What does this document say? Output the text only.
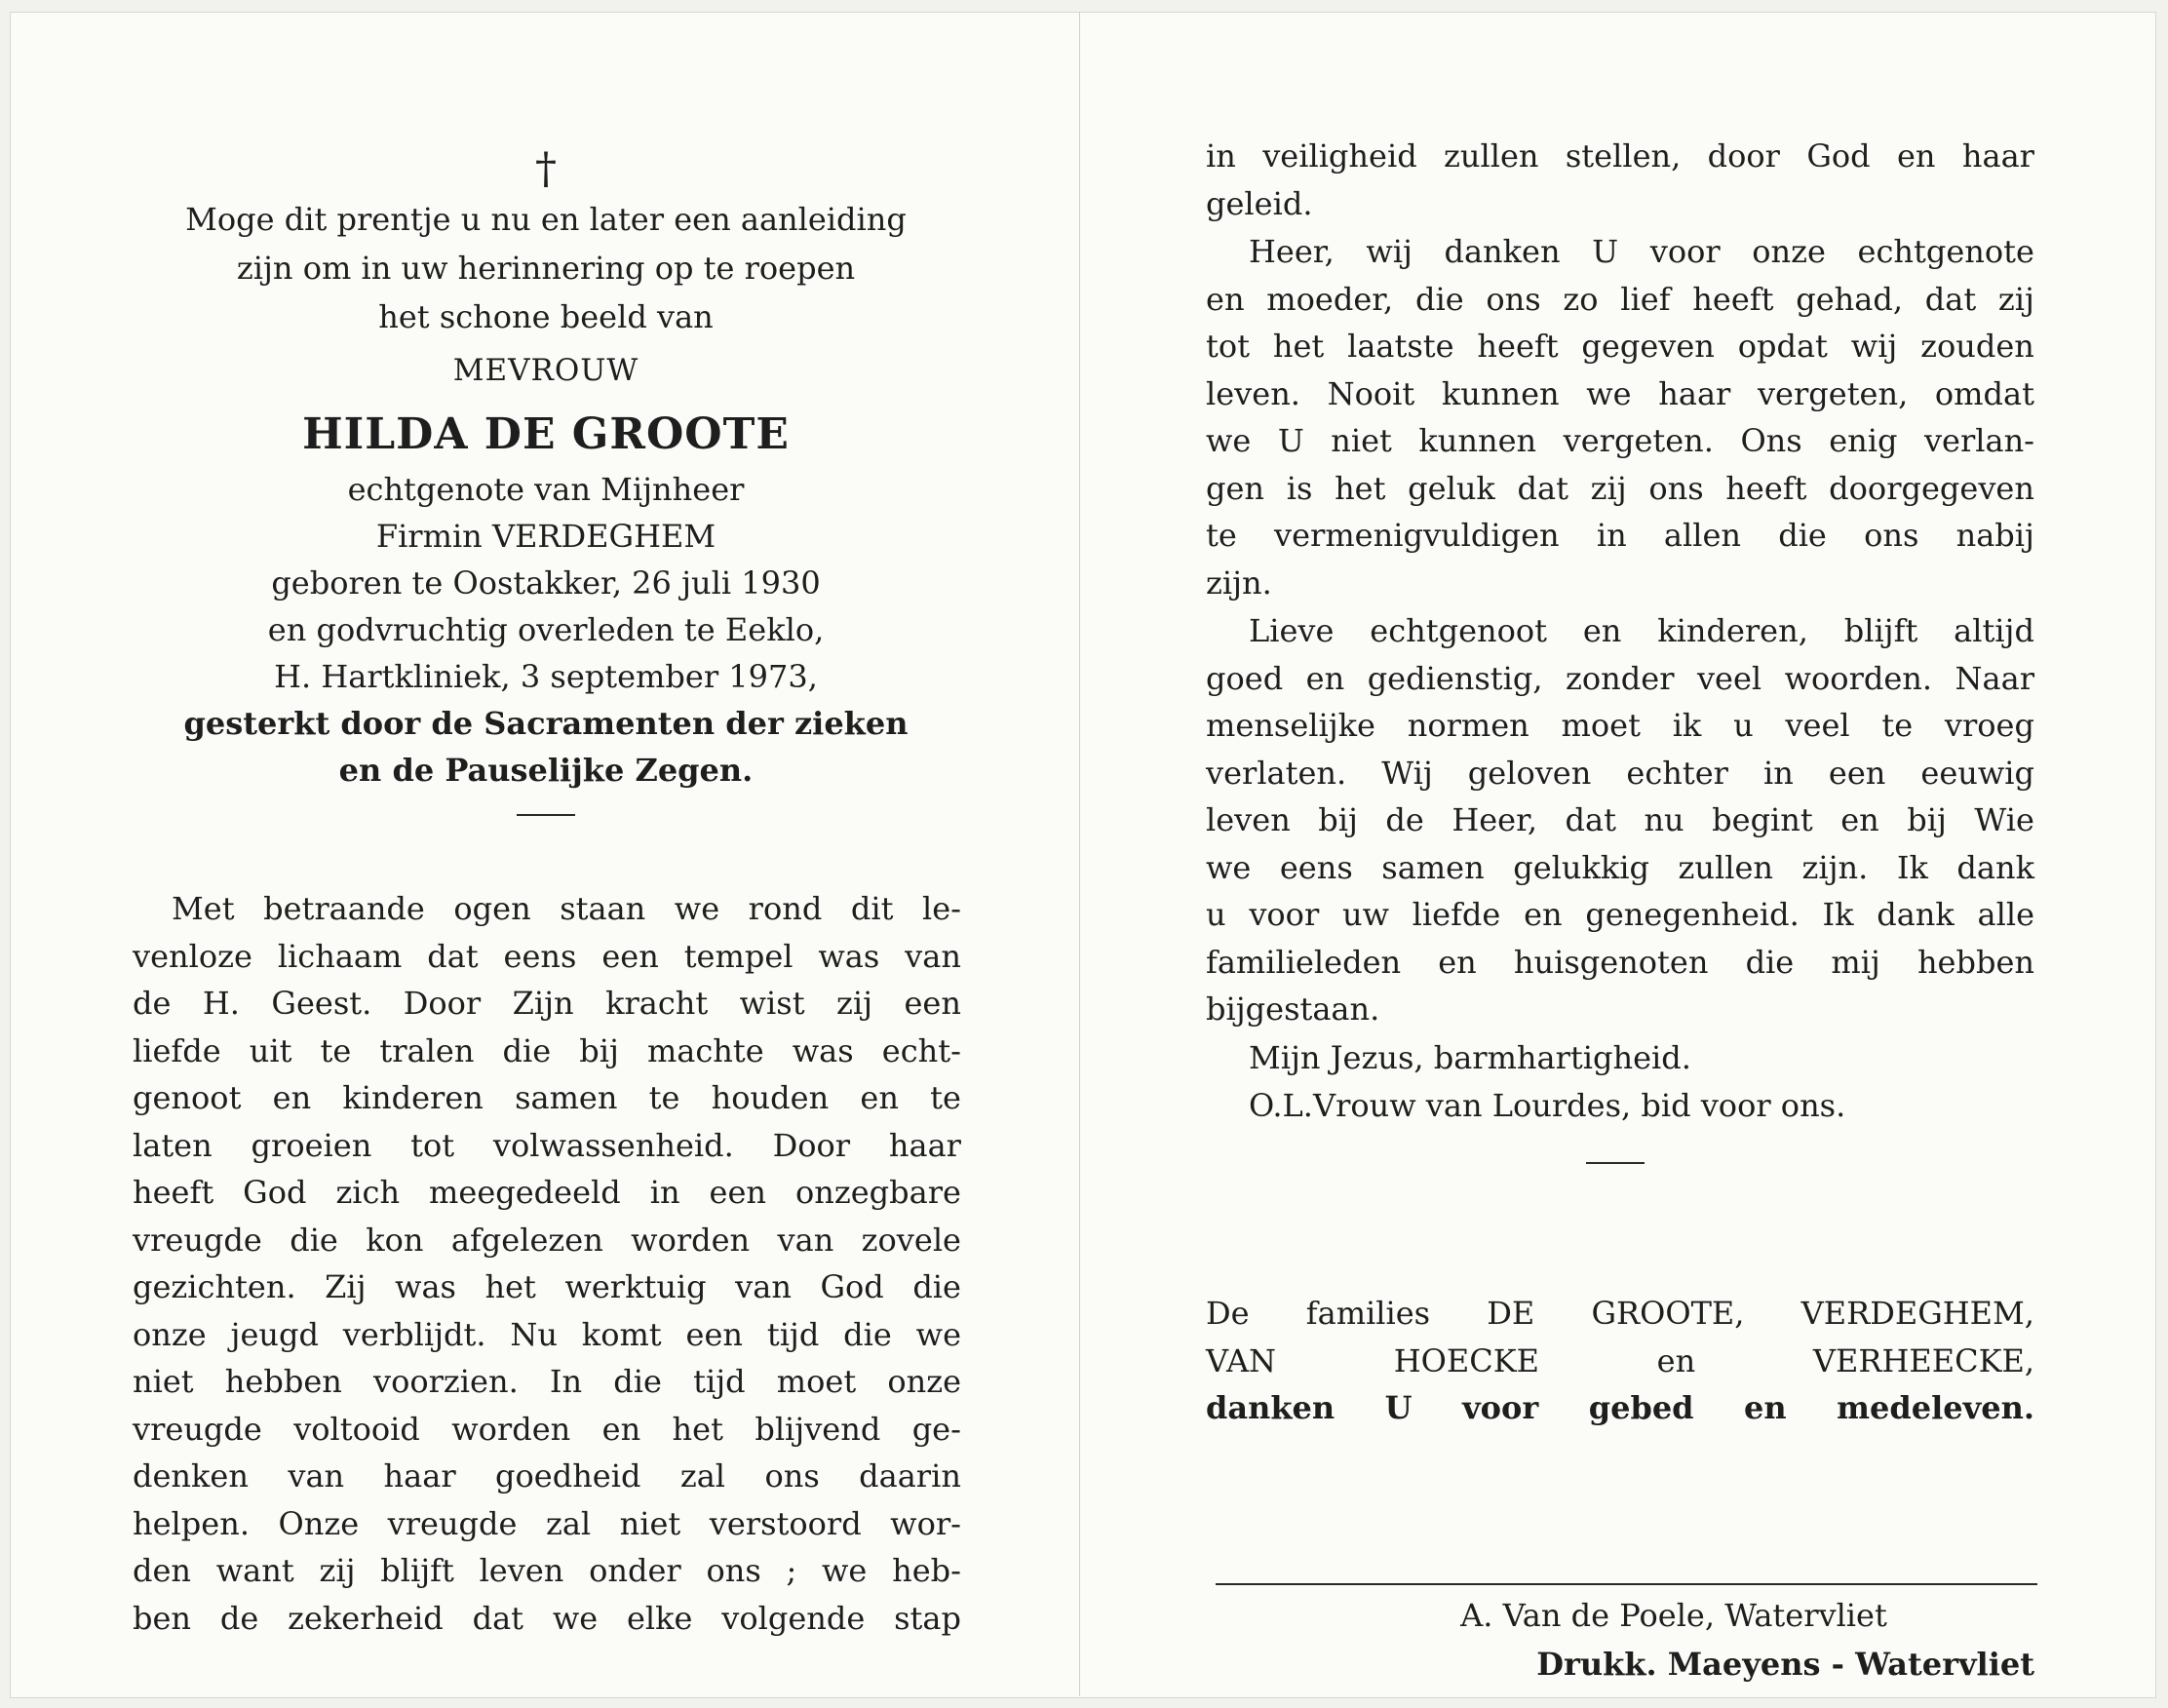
†
Moge dit prentje u nu en later een aanleiding
zijn om in uw herinnering op te roepen
het schone beeld van
MEVROUW
HILDA DE GROOTE
echtgenote van Mijnheer
Firmin VERDEGHEM
geboren te Oostakker, 26 juli 1930
en godvruchtig overleden te Eeklo,
H. Hartkliniek, 3 september 1973,
gesterkt door de Sacramenten der zieken
en de Pauselijke Zegen.
Met betraande ogen staan we rond dit le-
venloze lichaam dat eens een tempel was van
de H. Geest. Door Zijn kracht wist zij een
liefde uit te tralen die bij machte was echt-
genoot en kinderen samen te houden en te
laten groeien tot volwassenheid. Door haar
heeft God zich meegedeeld in een onzegbare
vreugde die kon afgelezen worden van zovele
gezichten. Zij was het werktuig van God die
onze jeugd verblijdt. Nu komt een tijd die we
niet hebben voorzien. In die tijd moet onze
vreugde voltooid worden en het blijvend ge-
denken van haar goedheid zal ons daarin
helpen. Onze vreugde zal niet verstoord wor-
den want zij blijft leven onder ons ; we heb-
ben de zekerheid dat we elke volgende stap
in veiligheid zullen stellen, door God en haar
geleid.
Heer, wij danken U voor onze echtgenote
en moeder, die ons zo lief heeft gehad, dat zij
tot het laatste heeft gegeven opdat wij zouden
leven. Nooit kunnen we haar vergeten, omdat
we U niet kunnen vergeten. Ons enig verlan-
gen is het geluk dat zij ons heeft doorgegeven
te vermenigvuldigen in allen die ons nabij
zijn.
Lieve echtgenoot en kinderen, blijft altijd
goed en gedienstig, zonder veel woorden. Naar
menselijke normen moet ik u veel te vroeg
verlaten. Wij geloven echter in een eeuwig
leven bij de Heer, dat nu begint en bij Wie
we eens samen gelukkig zullen zijn. Ik dank
u voor uw liefde en genegenheid. Ik dank alle
familieleden en huisgenoten die mij hebben
bijgestaan.
Mijn Jezus, barmhartigheid.
O.L.Vrouw van Lourdes, bid voor ons.
De families DE GROOTE, VERDEGHEM,
VAN HOECKE en VERHEECKE,
danken U voor gebed en medeleven.
A. Van de Poele, Watervliet
Drukk. Maeyens - Watervliet
